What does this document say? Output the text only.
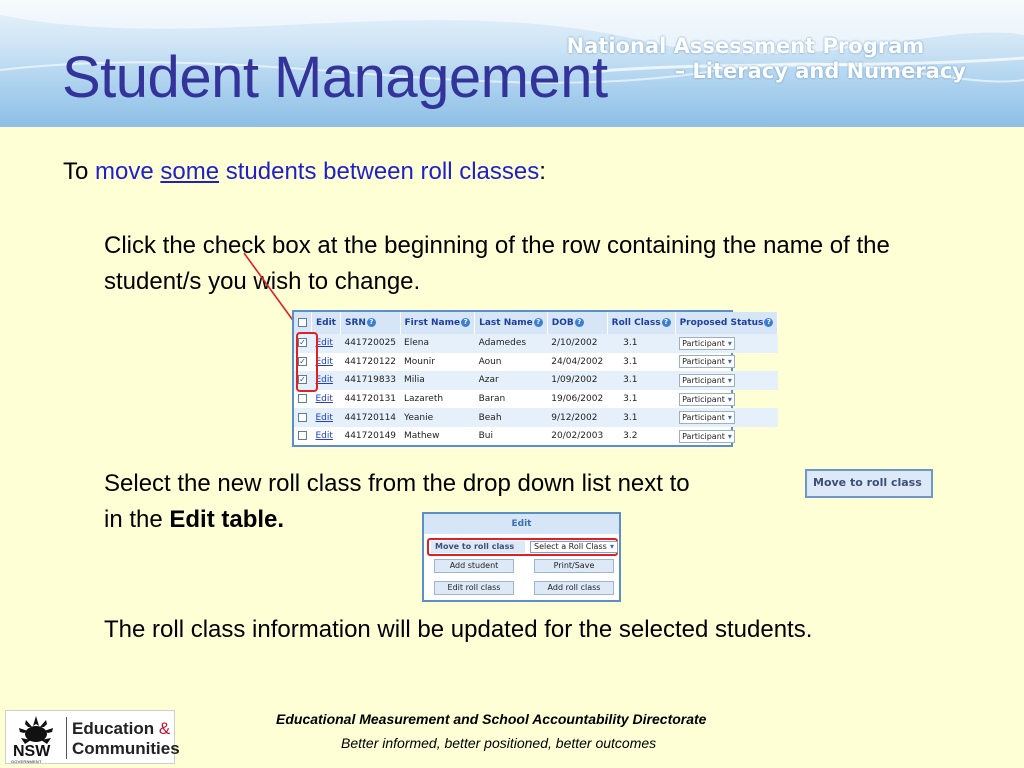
National Assessment Program
– Literacy and Numeracy
Student Management
To move some students between roll classes:
Click the check box at the beginning of the row containing the name of the student/s you wish to change.
	Edit	SRN ?	First Name ?	Last Name ?	DOB ?	Roll Class ?	Proposed Status ?
✓	Edit	441720025	Elena	Adamedes	2/10/2002	3.1	Participant ▾
✓	Edit	441720122	Mounir	Aoun	24/04/2002	3.1	Participant ▾
✓	Edit	441719833	Milia	Azar	1/09/2002	3.1	Participant ▾
	Edit	441720131	Lazareth	Baran	19/06/2002	3.1	Participant ▾
	Edit	441720114	Yeanie	Beah	9/12/2002	3.1	Participant ▾
	Edit	441720149	Mathew	Bui	20/02/2003	3.2	Participant ▾
Select the new roll class from the drop down list next to
in the Edit table.
Move to roll class
Edit
Move to roll class	Select a Roll Class ▾
Add student	Print/Save
Edit roll class	Add roll class
The roll class information will be updated for the selected students.
NSW
GOVERNMENT
Education &
Communities
Educational Measurement and School Accountability Directorate
Better informed, better positioned, better outcomes
